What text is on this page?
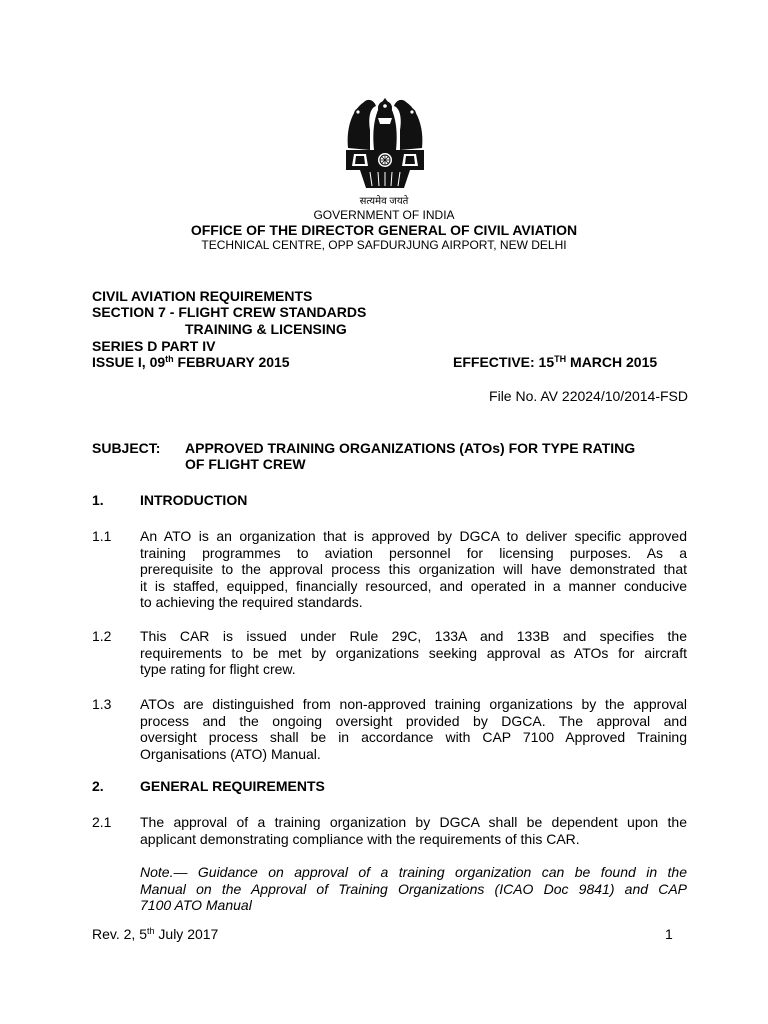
सत्यमेव जयते
GOVERNMENT OF INDIA
OFFICE OF THE DIRECTOR GENERAL OF CIVIL AVIATION
TECHNICAL CENTRE, OPP SAFDURJUNG AIRPORT, NEW DELHI
CIVIL AVIATION REQUIREMENTS
SECTION 7 - FLIGHT CREW STANDARDS
TRAINING & LICENSING
SERIES D PART IV
ISSUE I, 09th FEBRUARY 2015	EFFECTIVE: 15TH MARCH 2015
File No. AV 22024/10/2014-FSD
SUBJECT: APPROVED TRAINING ORGANIZATIONS (ATOs) FOR TYPE RATING
OF FLIGHT CREW
1.	INTRODUCTION
1.1 An ATO is an organization that is approved by DGCA to deliver specific approved
training programmes to aviation personnel for licensing purposes. As a
prerequisite to the approval process this organization will have demonstrated that
it is staffed, equipped, financially resourced, and operated in a manner conducive
to achieving the required standards.
1.2 This CAR is issued under Rule 29C, 133A and 133B and specifies the
requirements to be met by organizations seeking approval as ATOs for aircraft
type rating for flight crew.
1.3 ATOs are distinguished from non-approved training organizations by the approval
process and the ongoing oversight provided by DGCA. The approval and
oversight process shall be in accordance with CAP 7100 Approved Training
Organisations (ATO) Manual.
2.	GENERAL REQUIREMENTS
2.1 The approval of a training organization by DGCA shall be dependent upon the
applicant demonstrating compliance with the requirements of this CAR.
Note.— Guidance on approval of a training organization can be found in the
Manual on the Approval of Training Organizations (ICAO Doc 9841) and CAP
7100 ATO Manual
Rev. 2, 5th July 2017	1
